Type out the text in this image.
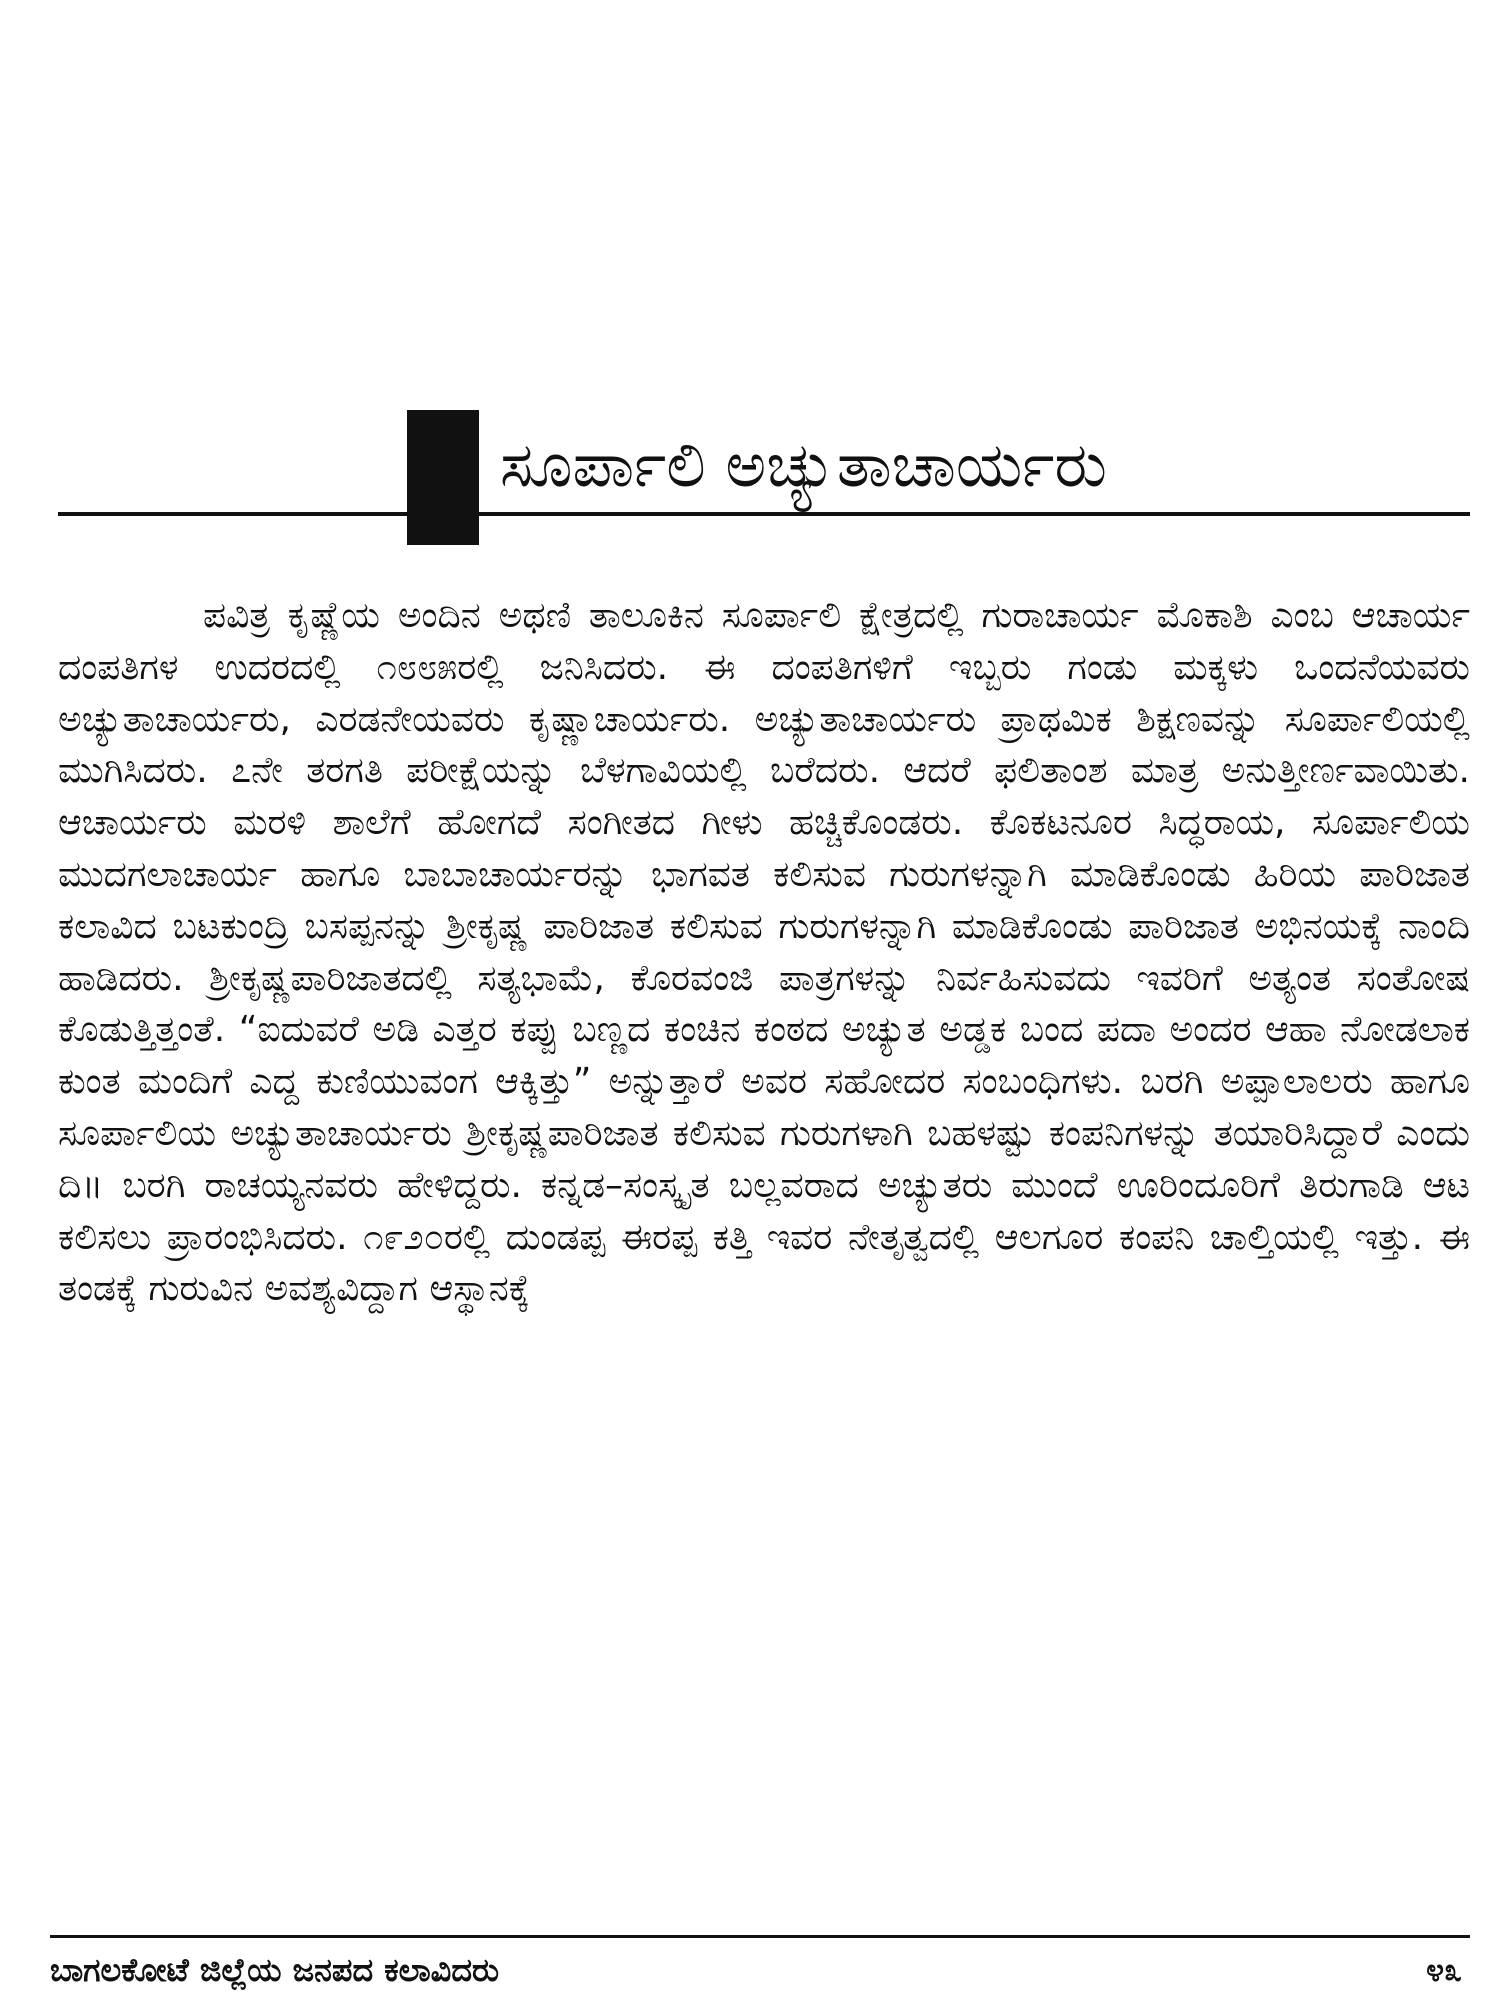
ಸೂರ್ಪಾಲಿ ಅಚ್ಯುತಾಚಾರ್ಯರು

ಪವಿತ್ರ ಕೃಷ್ಣೆಯ ಅಂದಿನ ಅಥಣಿ ತಾಲೂಕಿನ ಸೂರ್ಪಾಲಿ ಕ್ಷೇತ್ರದಲ್ಲಿ ಗುರಾಚಾರ್ಯ ಮೊಕಾಶಿ ಎಂಬ ಆಚಾರ್ಯ ದಂಪತಿಗಳ ಉದರದಲ್ಲಿ ೧೮೮೫ರಲ್ಲಿ ಜನಿಸಿದರು. ಈ ದಂಪತಿಗಳಿಗೆ ಇಬ್ಬರು ಗಂಡು ಮಕ್ಕಳು ಒಂದನೆಯವರು ಅಚ್ಯುತಾಚಾರ್ಯರು, ಎರಡನೇಯವರು ಕೃಷ್ಣಾಚಾರ್ಯರು. ಅಚ್ಯುತಾಚಾರ್ಯರು ಪ್ರಾಥಮಿಕ ಶಿಕ್ಷಣವನ್ನು ಸೂರ್ಪಾಲಿಯಲ್ಲಿ ಮುಗಿಸಿದರು. ೭ನೇ ತರಗತಿ ಪರೀಕ್ಷೆಯನ್ನು ಬೆಳಗಾವಿಯಲ್ಲಿ ಬರೆದರು. ಆದರೆ ಫಲಿತಾಂಶ ಮಾತ್ರ ಅನುತ್ತೀರ್ಣವಾಯಿತು. ಆಚಾರ್ಯರು ಮರಳಿ ಶಾಲೆಗೆ ಹೋಗದೆ ಸಂಗೀತದ ಗೀಳು ಹಚ್ಚಿಕೊಂಡರು. ಕೊಕಟನೂರ ಸಿದ್ಧರಾಯ, ಸೂರ್ಪಾಲಿಯ ಮುದಗಲಾಚಾರ್ಯ ಹಾಗೂ ಬಾಬಾಚಾರ್ಯರನ್ನು ಭಾಗವತ ಕಲಿಸುವ ಗುರುಗಳನ್ನಾಗಿ ಮಾಡಿಕೊಂಡು ಹಿರಿಯ ಪಾರಿಜಾತ ಕಲಾವಿದ ಬಟಕುಂದ್ರಿ ಬಸಪ್ಪನನ್ನು ಶ್ರೀಕೃಷ್ಣ ಪಾರಿಜಾತ ಕಲಿಸುವ ಗುರುಗಳನ್ನಾಗಿ ಮಾಡಿಕೊಂಡು ಪಾರಿಜಾತ ಅಭಿನಯಕ್ಕೆ ನಾಂದಿ ಹಾಡಿದರು. ಶ್ರೀಕೃಷ್ಣಪಾರಿಜಾತದಲ್ಲಿ ಸತ್ಯಭಾಮೆ, ಕೊರವಂಜಿ ಪಾತ್ರಗಳನ್ನು ನಿರ್ವಹಿಸುವದು ಇವರಿಗೆ ಅತ್ಯಂತ ಸಂತೋಷ ಕೊಡುತ್ತಿತ್ತಂತೆ. “ಐದುವರೆ ಅಡಿ ಎತ್ತರ ಕಪ್ಪು ಬಣ್ಣದ ಕಂಚಿನ ಕಂಠದ ಅಚ್ಯುತ ಅಡ್ಡಕ ಬಂದ ಪದಾ ಅಂದರ ಆಹಾ ನೋಡಲಾಕ ಕುಂತ ಮಂದಿಗೆ ಎದ್ದ ಕುಣಿಯುವಂಗ ಆಕ್ಕಿತ್ತು” ಅನ್ನುತ್ತಾರೆ ಅವರ ಸಹೋದರ ಸಂಬಂಧಿಗಳು. ಬರಗಿ ಅಪ್ಪಾಲಾಲರು ಹಾಗೂ ಸೂರ್ಪಾಲಿಯ ಅಚ್ಯುತಾಚಾರ್ಯರು ಶ್ರೀಕೃಷ್ಣಪಾರಿಜಾತ ಕಲಿಸುವ ಗುರುಗಳಾಗಿ ಬಹಳಷ್ಟು ಕಂಪನಿಗಳನ್ನು ತಯಾರಿಸಿದ್ದಾರೆ ಎಂದು ದಿ॥ ಬರಗಿ ರಾಚಯ್ಯನವರು ಹೇಳಿದ್ದರು. ಕನ್ನಡ–ಸಂಸ್ಕೃತ ಬಲ್ಲವರಾದ ಅಚ್ಯುತರು ಮುಂದೆ ಊರಿಂದೂರಿಗೆ ತಿರುಗಾಡಿ ಆಟ ಕಲಿಸಲು ಪ್ರಾರಂಭಿಸಿದರು. ೧೯೨೦ರಲ್ಲಿ ದುಂಡಪ್ಪ ಈರಪ್ಪ ಕತ್ತಿ ಇವರ ನೇತೃತ್ವದಲ್ಲಿ ಆಲಗೂರ ಕಂಪನಿ ಚಾಲ್ತಿಯಲ್ಲಿ ಇತ್ತು. ಈ ತಂಡಕ್ಕೆ ಗುರುವಿನ ಅವಶ್ಯವಿದ್ದಾಗ ಆಸ್ಥಾನಕ್ಕೆ

ಬಾಗಲಕೋಟೆ ಜಿಲ್ಲೆಯ ಜನಪದ ಕಲಾವಿದರು	೪೩
